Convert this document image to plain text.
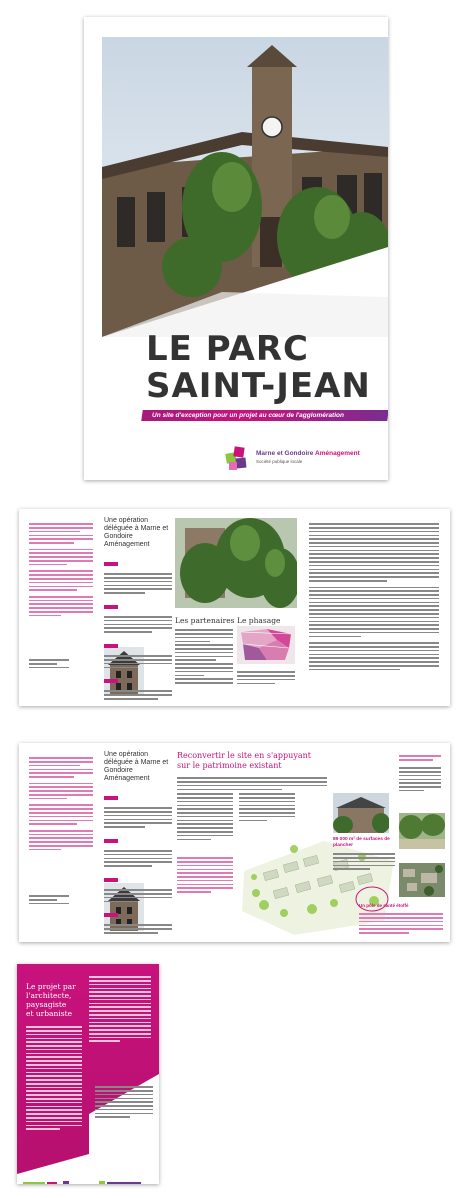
LE PARC
SAINT-JEAN
Un site d'exception pour un projet au cœur de l'agglomération
Marne et Gondoire Aménagement
Société publique locale
Une opération déléguée à Marne et Gondoire Aménagement
Les partenaires Le phasage
Une opération déléguée à Marne et Gondoire Aménagement
Reconvertir le site en s'appuyant
sur le patrimoine existant
89 000 m² de surfaces de plancher
Un pôle de santé étoffé
Le projet par
l'architecte,
paysagiste
et urbaniste
